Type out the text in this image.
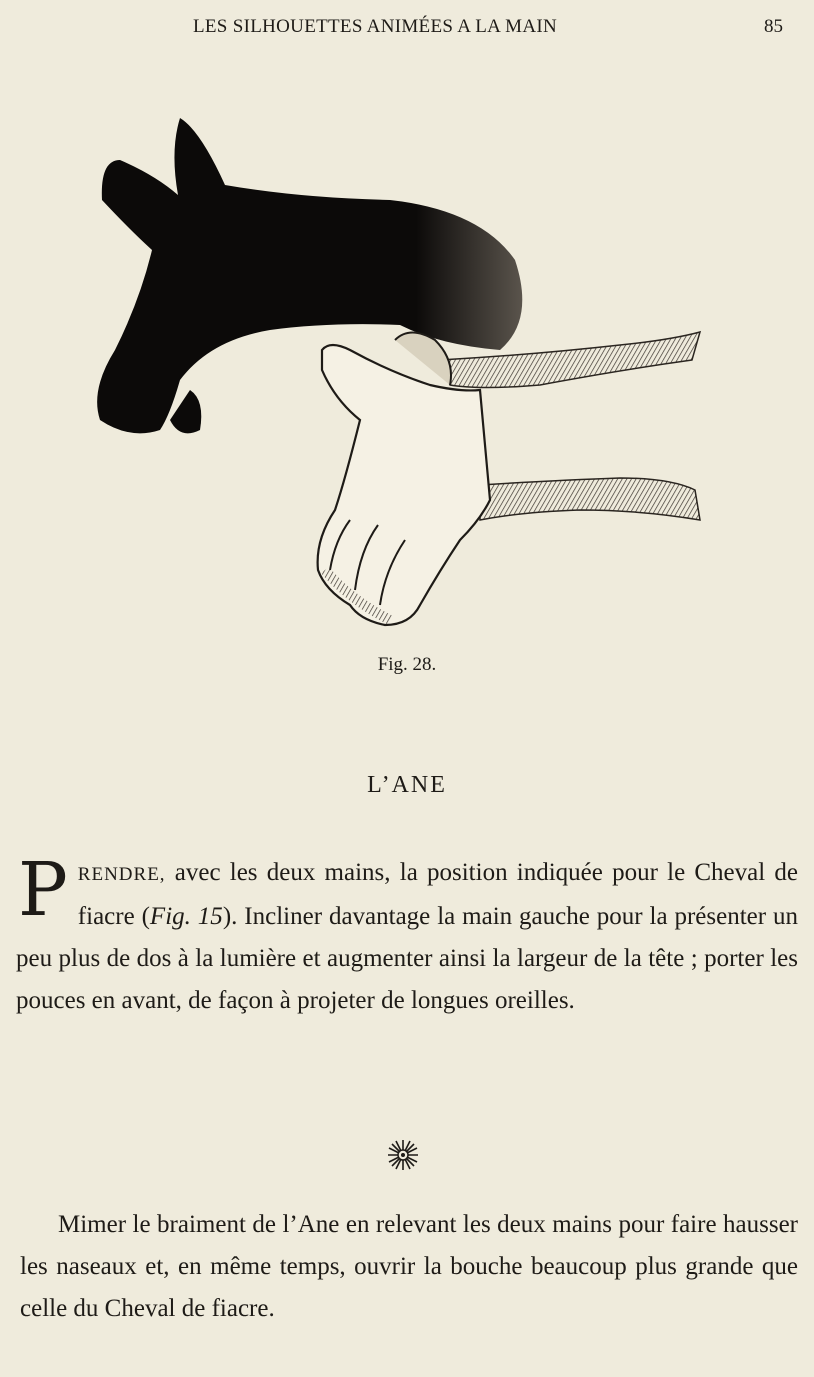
LES SILHOUETTES ANIMÉES A LA MAIN	85
Fig. 28.
L’ANE
PRENDRE, avec les deux mains, la position indiquée pour le Cheval de fiacre (Fig. 15). Incliner davantage la main gauche pour la présenter un peu plus de dos à la lumière et augmenter ainsi la largeur de la tête ; porter les pouces en avant, de façon à projeter de longues oreilles.
Mimer le braiment de l’Ane en relevant les deux mains pour faire hausser les naseaux et, en même temps, ouvrir la bouche beaucoup plus grande que celle du Cheval de fiacre.
